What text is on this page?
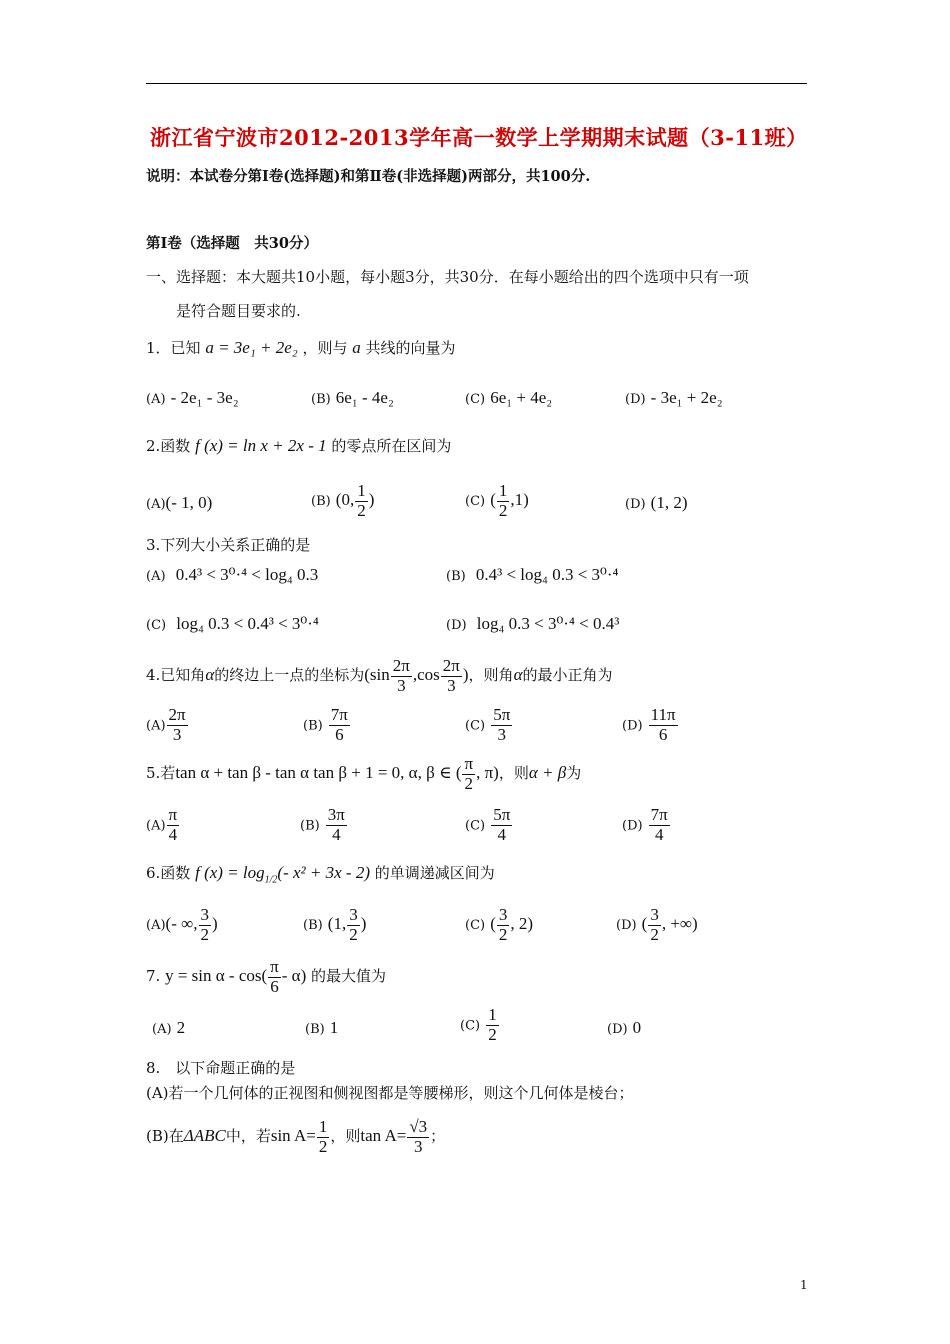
浙江省宁波市2012-2013学年高一数学上学期期末试题（3-11班）
说明：本试卷分第Ⅰ卷(选择题)和第Ⅱ卷(非选择题)两部分，共100分.
第Ⅰ卷（选择题　共30分）
一、选择题：本大题共10小题，每小题3分，共30分．在每小题给出的四个选项中只有一项
是符合题目要求的.
1．已知 a = 3e₁ + 2e₂ ，则与 a 共线的向量为
(A) - 2e₁ - 3e₂	(B) 6e₁ - 4e₂	(C) 6e₁ + 4e₂	(D) - 3e₁ + 2e₂
2.函数 f (x) = ln x + 2x - 1 的零点所在区间为
(A)(- 1, 0)	(B) (0, $\frac{1}{2}$ )	(C) ( $\frac{1}{2} ,1$)	(D) (1, 2)
3.下列大小关系正确的是
(A) 0.4³ < 3⁰·⁴ < log₄ 0.3	(B) 0.4³ < log₄ 0.3 < 3⁰·⁴
(C) log₄ 0.3 < 0.4³ < 3⁰·⁴	(D) log₄ 0.3 < 3⁰·⁴ < 0.4³
4.已知角α的终边上一点的坐标为($\sin \frac{2\pi}{3} ,\cos \frac{2\pi}{3}$ )，则角α的最小正角为
$(A) \frac{2\pi}{3}$	$(B) \frac{7\pi}{6}$	$(C) \frac{5\pi}{3}$	$(D) \frac{11\pi}{6}$
5.若tan α + tan β - tan α tan β + 1 = 0, α, β ∈ ( $\frac{\pi}{2}$ , π)，则α + β为
$(A) \frac{\pi}{4}$	$(B) \frac{3\pi}{4}$	$(C) \frac{5\pi}{4}$	$(D) \frac{7\pi}{4}$
6.函数 f $(x) = \log_{1/2}(-$ x² + 3x - 2) 的单调递减区间为
(A)(- ∞, $\frac{3}{2}$ )	(B) (1, $\frac{3}{2}$ )	(C) ( $\frac{3}{2}$ , 2)	(D) ( $\frac{3}{2}$ , +∞)
7. $y = \sin \alpha - \cos( \frac{\pi}{6} - \alpha)$ 的最大值为
(A) 2	(B) 1	$(C) \frac{1}{2}$	(D) 0
8.　以下命题正确的是
(A)若一个几何体的正视图和侧视图都是等腰梯形，则这个几何体是棱台；
(B)在ΔABC中，若$\sin A= \frac{1}{2}$ ，则$\tan A= \frac{√3}{3}$ ；
1
